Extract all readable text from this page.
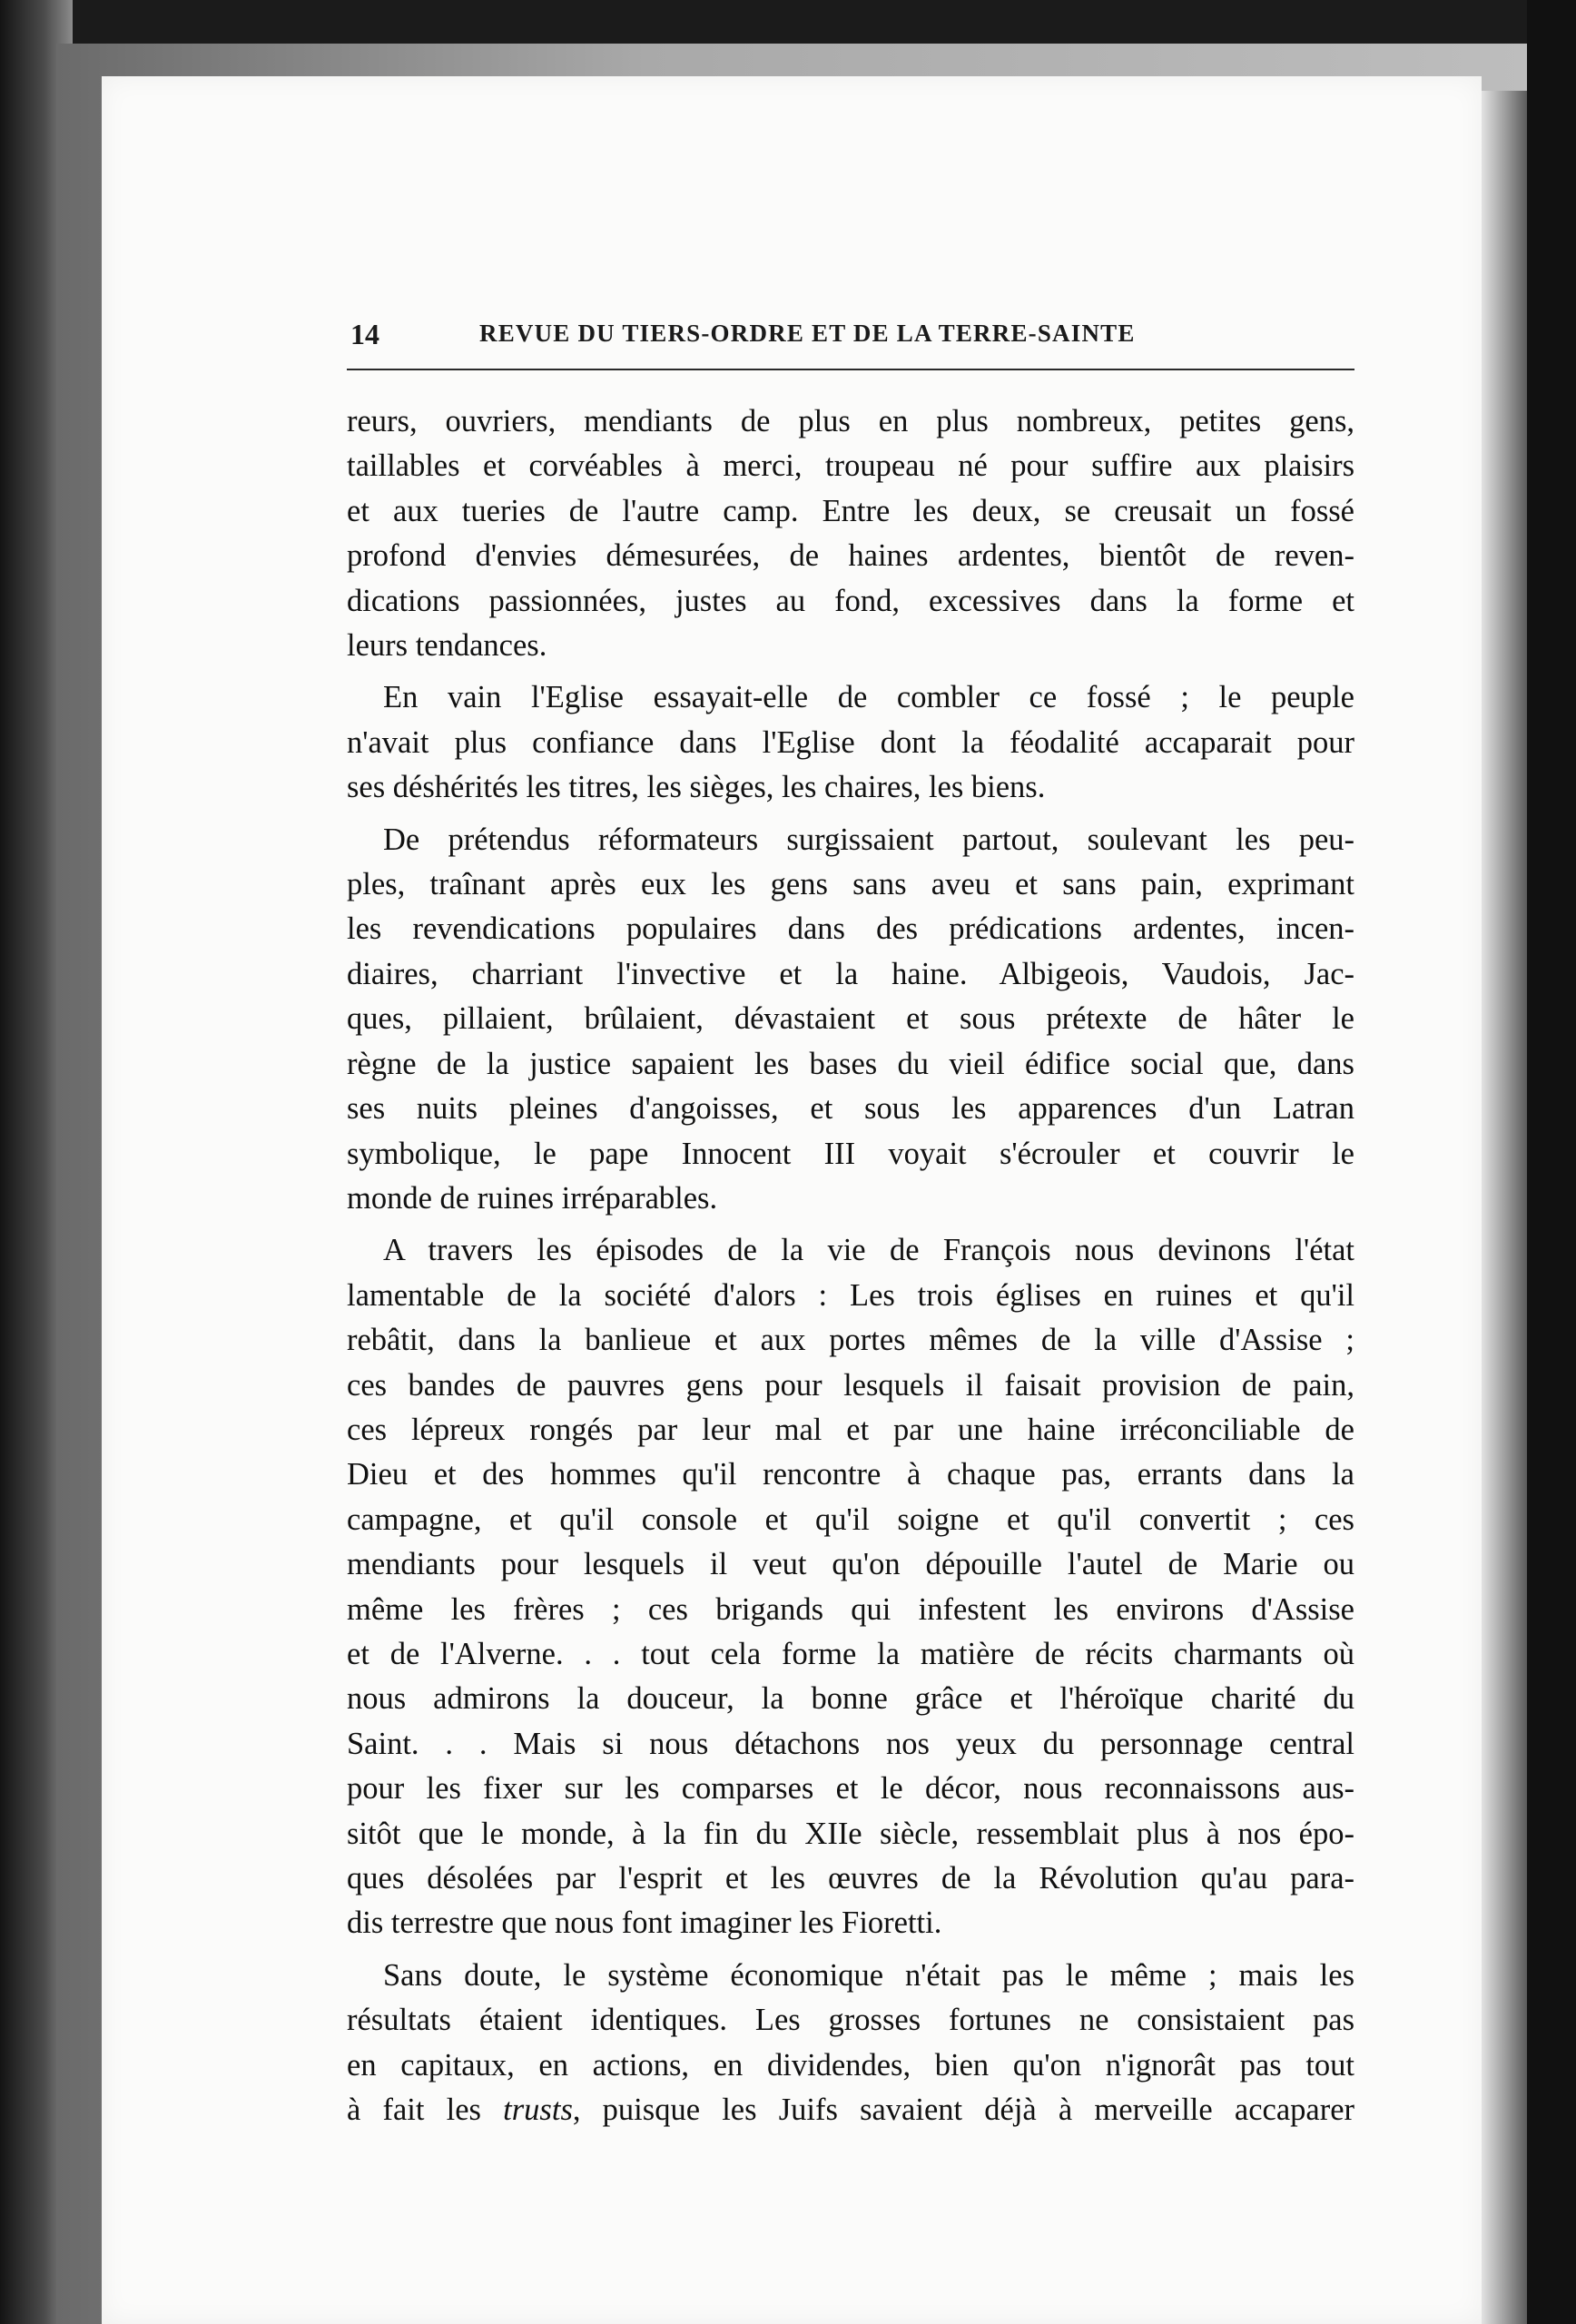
14	REVUE DU TIERS-ORDRE ET DE LA TERRE-SAINTE

reurs, ouvriers, mendiants de plus en plus nombreux, petites gens,
taillables et corvéables à merci, troupeau né pour suffire aux plaisirs
et aux tueries de l'autre camp. Entre les deux, se creusait un fossé
profond d'envies démesurées, de haines ardentes, bientôt de reven-
dications passionnées, justes au fond, excessives dans la forme et
leurs tendances.

En vain l'Eglise essayait-elle de combler ce fossé ; le peuple
n'avait plus confiance dans l'Eglise dont la féodalité accaparait pour
ses déshérités les titres, les sièges, les chaires, les biens.

De prétendus réformateurs surgissaient partout, soulevant les peu-
ples, traînant après eux les gens sans aveu et sans pain, exprimant
les revendications populaires dans des prédications ardentes, incen-
diaires, charriant l'invective et la haine. Albigeois, Vaudois, Jac-
ques, pillaient, brûlaient, dévastaient et sous prétexte de hâter le
règne de la justice sapaient les bases du vieil édifice social que, dans
ses nuits pleines d'angoisses, et sous les apparences d'un Latran
symbolique, le pape Innocent III voyait s'écrouler et couvrir le
monde de ruines irréparables.

A travers les épisodes de la vie de François nous devinons l'état
lamentable de la société d'alors : Les trois églises en ruines et qu'il
rebâtit, dans la banlieue et aux portes mêmes de la ville d'Assise ;
ces bandes de pauvres gens pour lesquels il faisait provision de pain,
ces lépreux rongés par leur mal et par une haine irréconciliable de
Dieu et des hommes qu'il rencontre à chaque pas, errants dans la
campagne, et qu'il console et qu'il soigne et qu'il convertit ; ces
mendiants pour lesquels il veut qu'on dépouille l'autel de Marie ou
même les frères ; ces brigands qui infestent les environs d'Assise
et de l'Alverne. . . tout cela forme la matière de récits charmants où
nous admirons la douceur, la bonne grâce et l'héroïque charité du
Saint. . . Mais si nous détachons nos yeux du personnage central
pour les fixer sur les comparses et le décor, nous reconnaissons aus-
sitôt que le monde, à la fin du XIIe siècle, ressemblait plus à nos épo-
ques désolées par l'esprit et les œuvres de la Révolution qu'au para-
dis terrestre que nous font imaginer les Fioretti.

Sans doute, le système économique n'était pas le même ; mais les
résultats étaient identiques. Les grosses fortunes ne consistaient pas
en capitaux, en actions, en dividendes, bien qu'on n'ignorât pas tout
à fait les trusts, puisque les Juifs savaient déjà à merveille accaparer
